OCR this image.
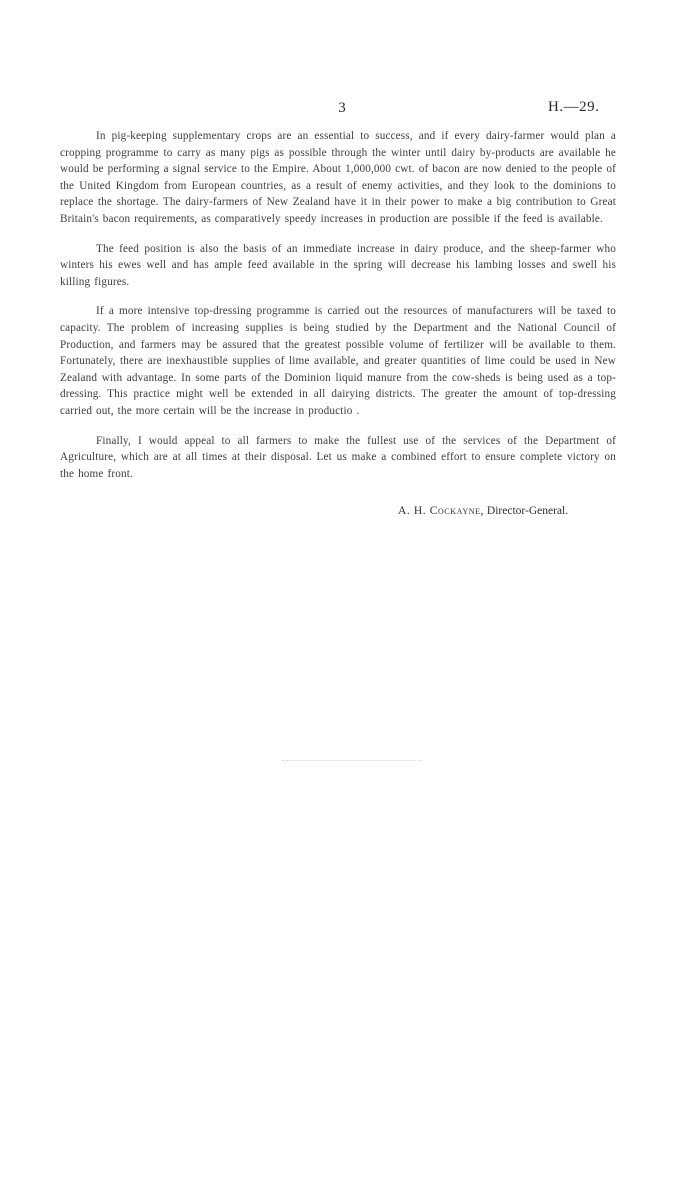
3	H.—29.

In pig-keeping supplementary crops are an essential to success, and if every dairy-farmer would plan a cropping programme to carry as many pigs as possible through the winter until dairy by-products are available he would be performing a signal service to the Empire. About 1,000,000 cwt. of bacon are now denied to the people of the United Kingdom from European countries, as a result of enemy activities, and they look to the dominions to replace the shortage. The dairy-farmers of New Zealand have it in their power to make a big contribution to Great Britain's bacon requirements, as comparatively speedy increases in production are possible if the feed is available.

The feed position is also the basis of an immediate increase in dairy produce, and the sheep-farmer who winters his ewes well and has ample feed available in the spring will decrease his lambing losses and swell his killing figures.

If a more intensive top-dressing programme is carried out the resources of manufacturers will be taxed to capacity. The problem of increasing supplies is being studied by the Department and the National Council of Production, and farmers may be assured that the greatest possible volume of fertilizer will be available to them. Fortunately, there are inexhaustible supplies of lime available, and greater quantities of lime could be used in New Zealand with advantage. In some parts of the Dominion liquid manure from the cow-sheds is being used as a top-dressing. This practice might well be extended in all dairying districts. The greater the amount of top-dressing carried out, the more certain will be the increase in productio .

Finally, I would appeal to all farmers to make the fullest use of the services of the Department of Agriculture, which are at all times at their disposal. Let us make a combined effort to ensure complete victory on the home front.

A. H. Cockayne, Director-General.
